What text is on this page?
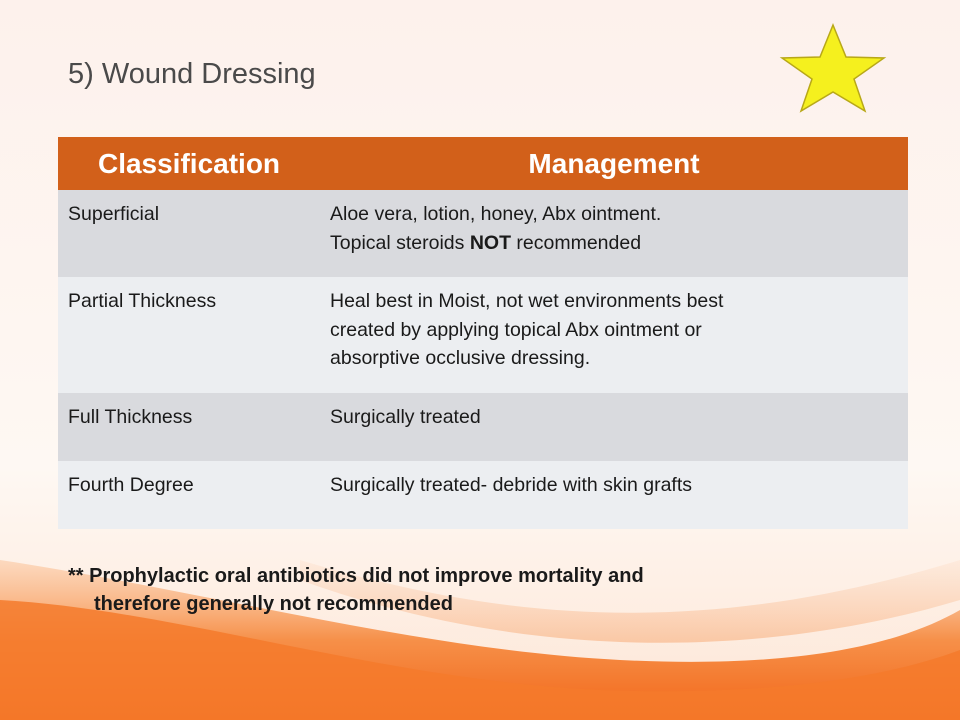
5) Wound Dressing
Classification	Management
Superficial	Aloe vera, lotion, honey, Abx ointment.
Topical steroids NOT recommended
Partial Thickness	Heal best in Moist, not wet environments best
created by applying topical Abx ointment or
absorptive occlusive dressing.
Full Thickness	Surgically treated
Fourth Degree	Surgically treated- debride with skin grafts
** Prophylactic oral antibiotics did not improve mortality and
therefore generally not recommended
